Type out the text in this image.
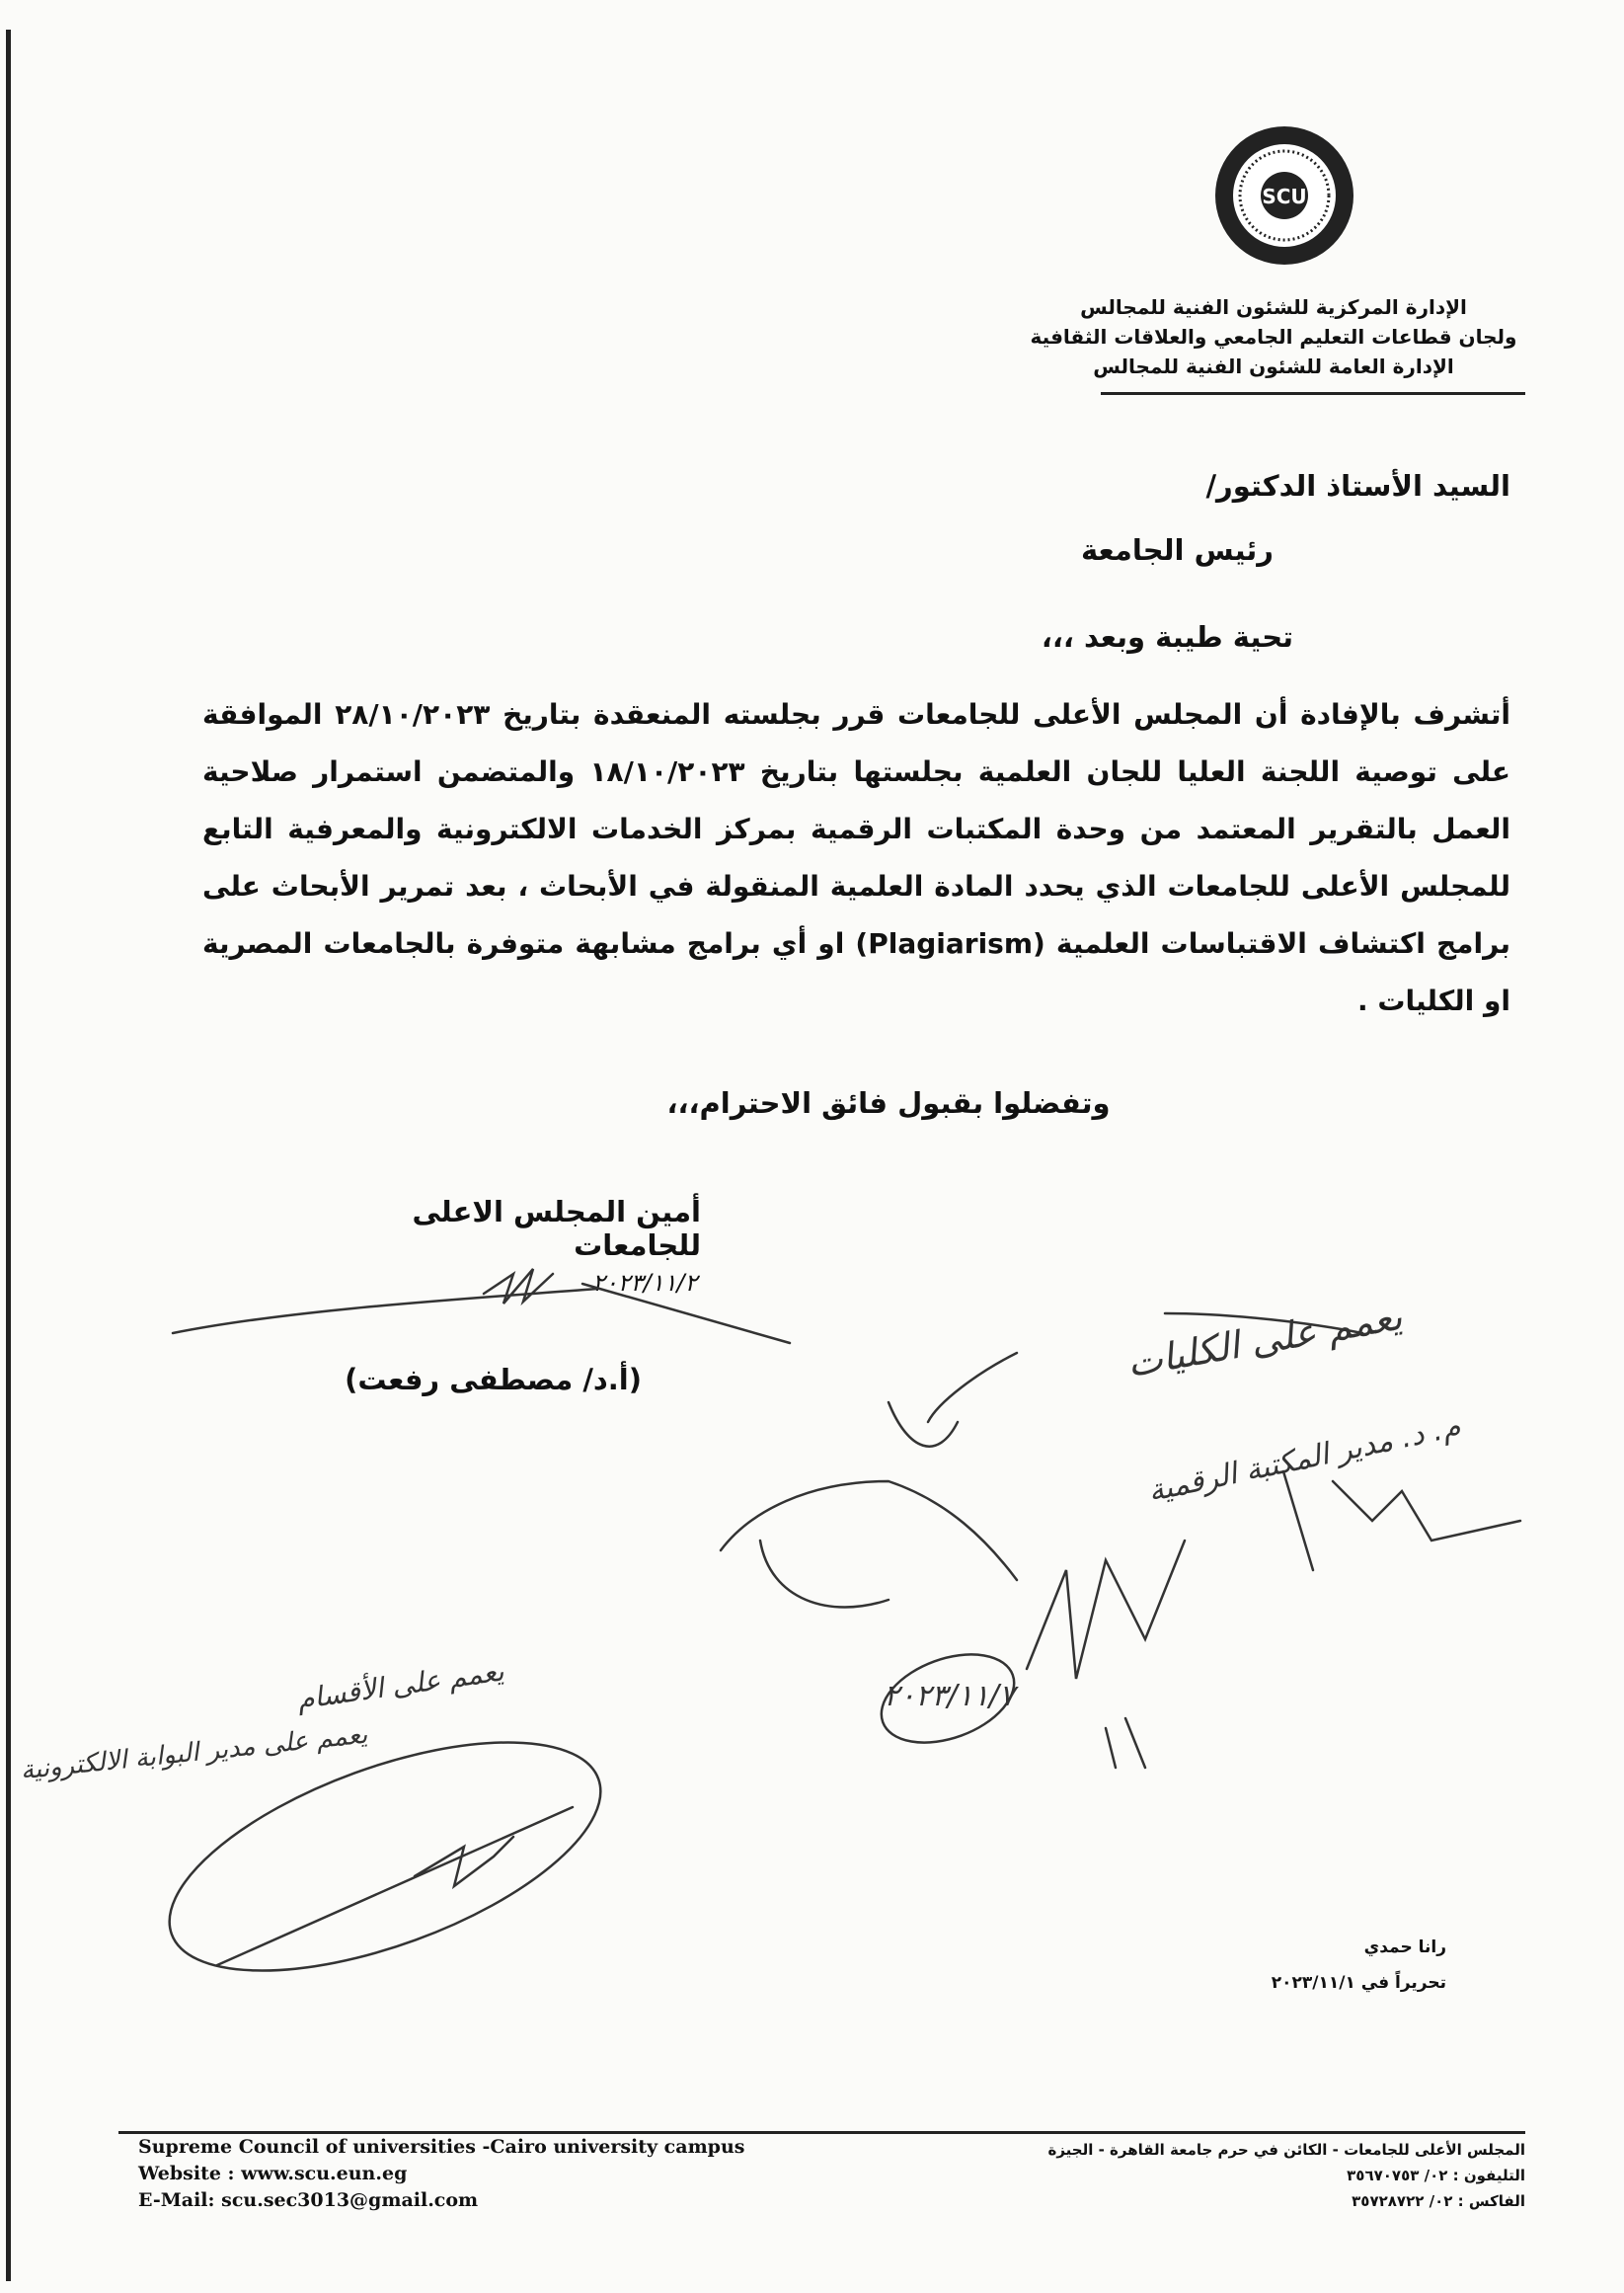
SCU
الإدارة المركزية للشئون الفنية للمجالس
ولجان قطاعات التعليم الجامعي والعلاقات الثقافية
الإدارة العامة للشئون الفنية للمجالس
السيد الأستاذ الدكتور/
رئيس الجامعة
تحية طيبة وبعد ،،،
أتشرف بالإفادة أن المجلس الأعلى للجامعات قرر بجلسته المنعقدة بتاريخ ٢٨/١٠/٢٠٢٣ الموافقة على توصية اللجنة العليا للجان العلمية بجلستها بتاريخ ١٨/١٠/٢٠٢٣ والمتضمن استمرار صلاحية العمل بالتقرير المعتمد من وحدة المكتبات الرقمية بمركز الخدمات الالكترونية والمعرفية التابع للمجلس الأعلى للجامعات الذي يحدد المادة العلمية المنقولة في الأبحاث ، بعد تمرير الأبحاث على برامج اكتشاف الاقتباسات العلمية (Plagiarism) او أي برامج مشابهة متوفرة بالجامعات المصرية او الكليات .
وتفضلوا بقبول فائق الاحترام،،،
أمين المجلس الاعلى للجامعات
٢٠٢٣/١١/٢
(أ.د/ مصطفى رفعت)	يعمم على الكليات
م. د. مدير المكتبة الرقمية
٢٠٢٣/١١/٧
يعمم على الأقسام
يعمم على مدير البوابة الالكترونية
رانا حمدي
تحريراً في ٢٠٢٣/١١/١
Supreme Council of universities -Cairo university campus
Website : www.scu.eun.eg
E-Mail: scu.sec3013@gmail.com
المجلس الأعلى للجامعات - الكائن في حرم جامعة القاهرة - الجيزة
التليفون : ٠٢/ ٣٥٦٧٠٧٥٣
الفاكس : ٠٢/ ٣٥٧٢٨٧٢٢
